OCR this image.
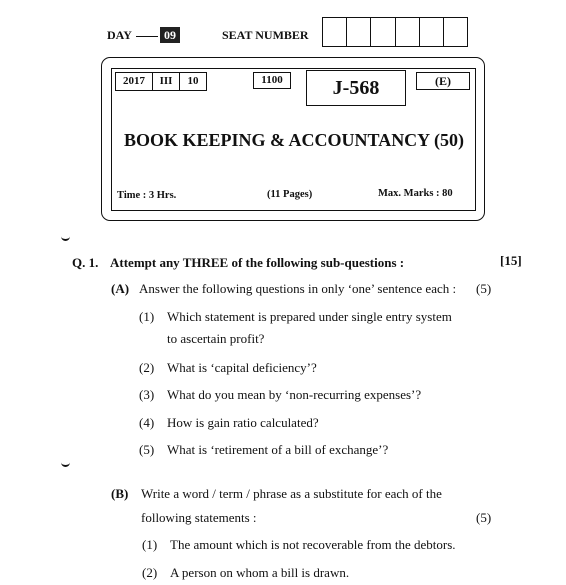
DAY	09	SEAT NUMBER
2017	III	10	1100	J-568	(E)
BOOK KEEPING & ACCOUNTANCY (50)
Time : 3 Hrs.	(11 Pages)	Max. Marks : 80
Q. 1. Attempt any THREE of the following sub-questions :	[15]
(A) Answer the following questions in only ‘one’ sentence each : (5)
(1) Which statement is prepared under single entry system
to ascertain profit?
(2) What is ‘capital deficiency’?
(3) What do you mean by ‘non-recurring expenses’?
(4) How is gain ratio calculated?
(5) What is ‘retirement of a bill of exchange’?
(B) Write a word / term / phrase as a substitute for each of the
following statements :	(5)
(1) The amount which is not recoverable from the debtors.
(2) A person on whom a bill is drawn.
